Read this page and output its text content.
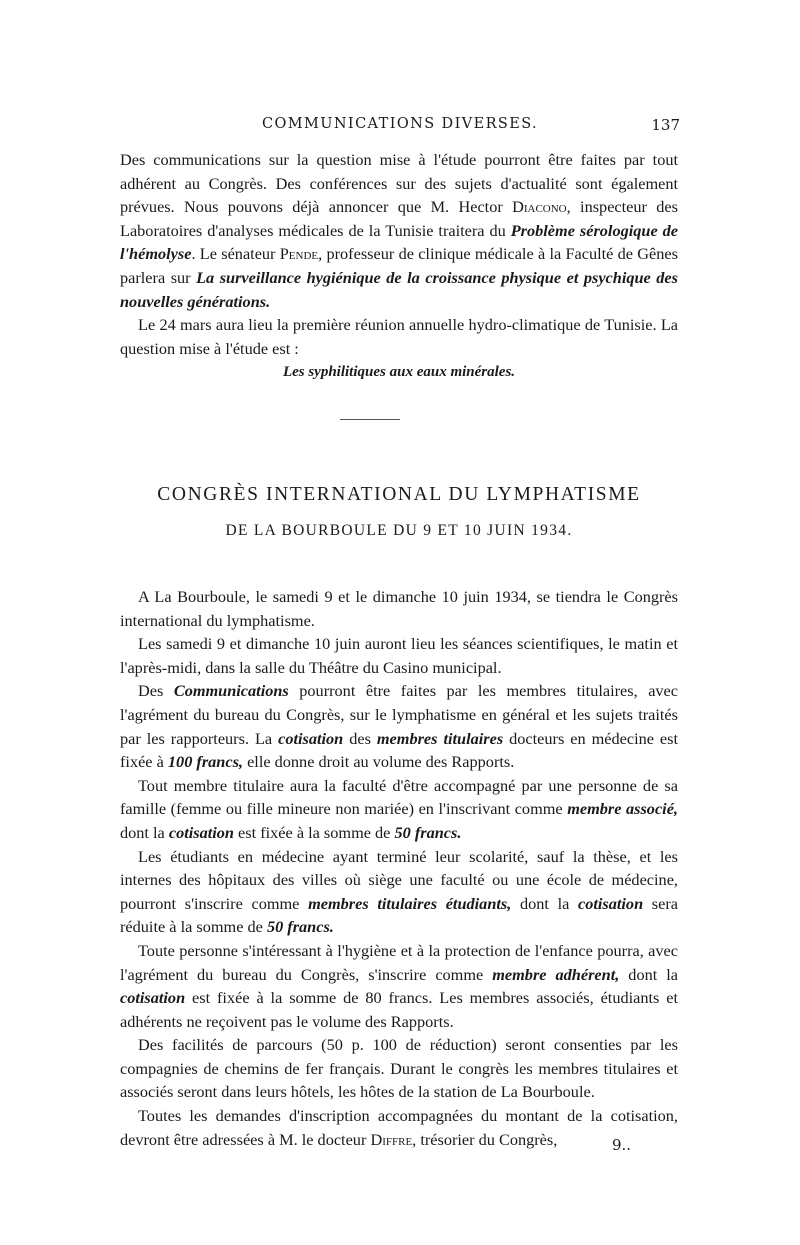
COMMUNICATIONS DIVERSES.	137

Des communications sur la question mise à l'étude pourront être faites par tout adhérent au Congrès. Des conférences sur des sujets d'actualité sont également prévues. Nous pouvons déjà annoncer que M. Hector Diacono, inspecteur des Laboratoires d'analyses médicales de la Tunisie traitera du Problème sérologique de l'hémolyse. Le sénateur Pende, professeur de clinique médicale à la Faculté de Gênes parlera sur La surveillance hygiénique de la croissance physique et psychique des nouvelles générations.

Le 24 mars aura lieu la première réunion annuelle hydro-climatique de Tunisie. La question mise à l'étude est :

Les syphilitiques aux eaux minérales.
CONGRÈS INTERNATIONAL DU LYMPHATISME
DE LA BOURBOULE DU 9 ET 10 JUIN 1934.

A La Bourboule, le samedi 9 et le dimanche 10 juin 1934, se tiendra le Congrès international du lymphatisme.

Les samedi 9 et dimanche 10 juin auront lieu les séances scientifiques, le matin et l'après-midi, dans la salle du Théâtre du Casino municipal.

Des Communications pourront être faites par les membres titulaires, avec l'agrément du bureau du Congrès, sur le lymphatisme en général et les sujets traités par les rapporteurs. La cotisation des membres titulaires docteurs en médecine est fixée à 100 francs, elle donne droit au volume des Rapports.

Tout membre titulaire aura la faculté d'être accompagné par une personne de sa famille (femme ou fille mineure non mariée) en l'inscrivant comme membre associé, dont la cotisation est fixée à la somme de 50 francs.

Les étudiants en médecine ayant terminé leur scolarité, sauf la thèse, et les internes des hôpitaux des villes où siège une faculté ou une école de médecine, pourront s'inscrire comme membres titulaires étudiants, dont la cotisation sera réduite à la somme de 50 francs.

Toute personne s'intéressant à l'hygiène et à la protection de l'enfance pourra, avec l'agrément du bureau du Congrès, s'inscrire comme membre adhérent, dont la cotisation est fixée à la somme de 80 francs. Les membres associés, étudiants et adhérents ne reçoivent pas le volume des Rapports.

Des facilités de parcours (50 p. 100 de réduction) seront consenties par les compagnies de chemins de fer français. Durant le congrès les membres titulaires et associés seront dans leurs hôtels, les hôtes de la station de La Bourboule.

Toutes les demandes d'inscription accompagnées du montant de la cotisation, devront être adressées à M. le docteur Diffre, trésorier du Congrès,	9..
